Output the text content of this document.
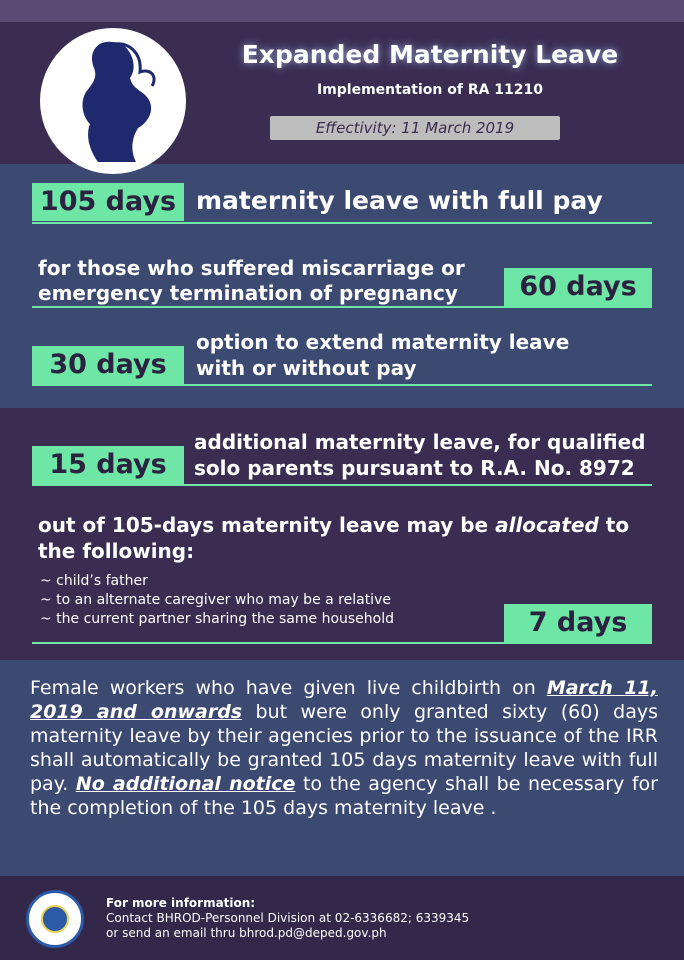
Expanded Maternity Leave
Implementation of RA 11210
Effectivity: 11 March 2019
105 days maternity leave with full pay
for those who suffered miscarriage or
emergency termination of pregnancy	60 days
option to extend maternity leave
with or without pay
30 days
additional maternity leave, for qualified
solo parents pursuant to R.A. No. 8972
15 days
out of 105-days maternity leave may be allocated to
the following:
~ child’s father
~ to an alternate caregiver who may be a relative
~ the current partner sharing the same household	7 days
Female workers who have given live childbirth on March 11, 2019 and onwards but were only granted sixty (60) days maternity leave by their agencies prior to the issuance of the IRR shall automatically be granted 105 days maternity leave with full pay. No additional notice to the agency shall be necessary for the completion of the 105 days maternity leave .
For more information:
Contact BHROD-Personnel Division at 02-6336682; 6339345
or send an email thru bhrod.pd@deped.gov.ph
